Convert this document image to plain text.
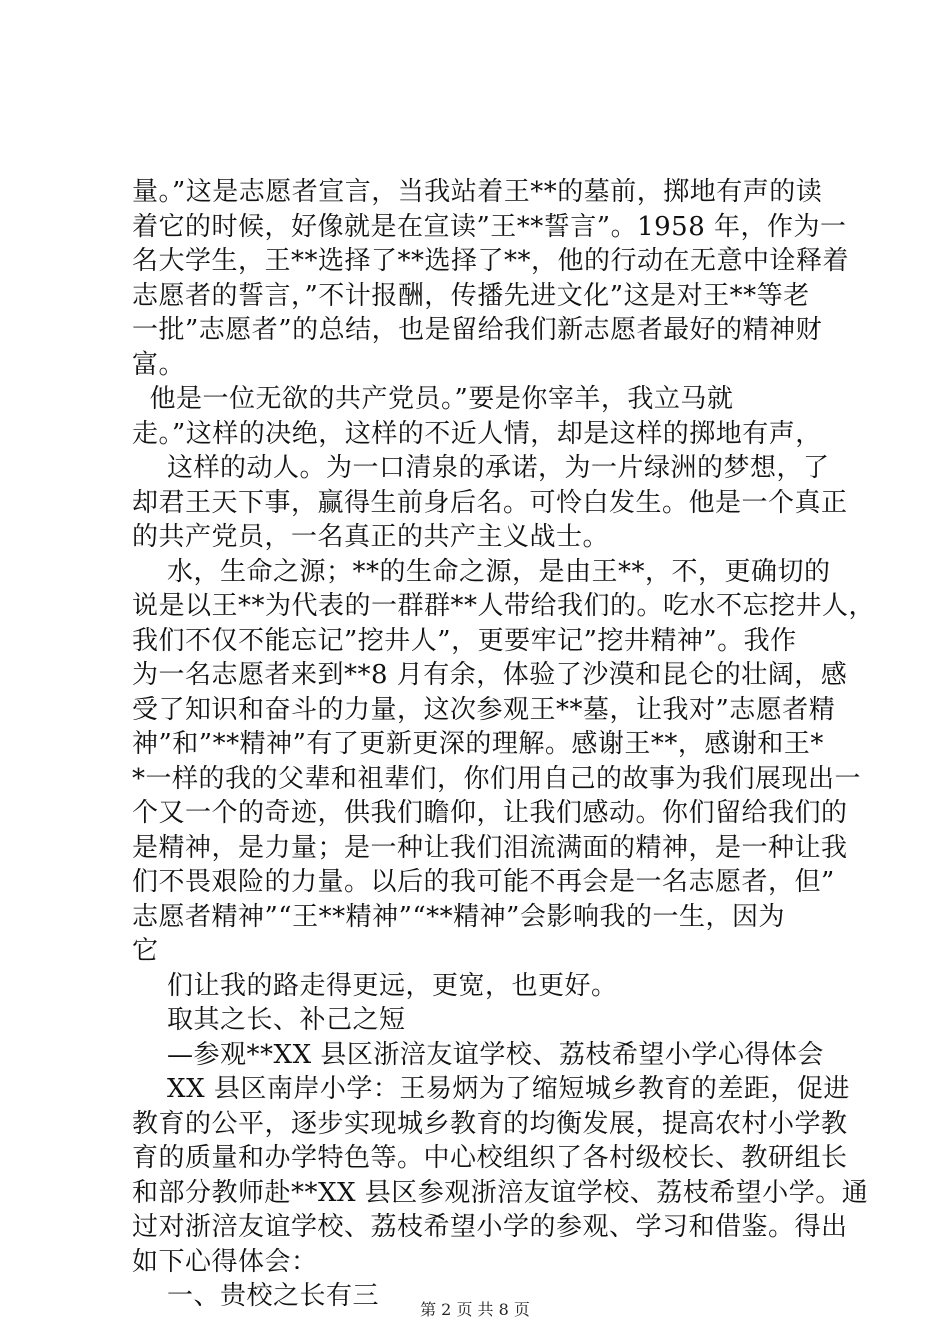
量。”这是志愿者宣言，当我站着王**的墓前，掷地有声的读
着它的时候，好像就是在宣读”王**誓言”。1958 年，作为一
名大学生，王**选择了**选择了**，他的行动在无意中诠释着
志愿者的誓言，”不计报酬，传播先进文化”这是对王**等老
一批”志愿者”的总结，也是留给我们新志愿者最好的精神财
富。
他是一位无欲的共产党员。”要是你宰羊，我立马就
走。”这样的决绝，这样的不近人情，却是这样的掷地有声，
这样的动人。为一口清泉的承诺，为一片绿洲的梦想，了
却君王天下事，赢得生前身后名。可怜白发生。他是一个真正
的共产党员，一名真正的共产主义战士。
水，生命之源；**的生命之源，是由王**，不，更确切的
说是以王**为代表的一群群**人带给我们的。吃水不忘挖井人，
我们不仅不能忘记”挖井人”，更要牢记”挖井精神”。我作
为一名志愿者来到**8 月有余，体验了沙漠和昆仑的壮阔，感
受了知识和奋斗的力量，这次参观王**墓，让我对”志愿者精
神”和”**精神”有了更新更深的理解。感谢王**，感谢和王*
*一样的我的父辈和祖辈们，你们用自己的故事为我们展现出一
个又一个的奇迹，供我们瞻仰，让我们感动。你们留给我们的
是精神，是力量；是一种让我们泪流满面的精神，是一种让我
们不畏艰险的力量。以后的我可能不再会是一名志愿者，但”
志愿者精神”“王**精神”“**精神”会影响我的一生，因为
它
们让我的路走得更远，更宽，也更好。
取其之长、补己之短
—参观**XX 县区浙涪友谊学校、荔枝希望小学心得体会
XX 县区南岸小学：王易炳为了缩短城乡教育的差距，促进
教育的公平，逐步实现城乡教育的均衡发展，提高农村小学教
育的质量和办学特色等。中心校组织了各村级校长、教研组长
和部分教师赴**XX 县区参观浙涪友谊学校、荔枝希望小学。通
过对浙涪友谊学校、荔枝希望小学的参观、学习和借鉴。得出
如下心得体会：
一、贵校之长有三	第 2 页 共 8 页
